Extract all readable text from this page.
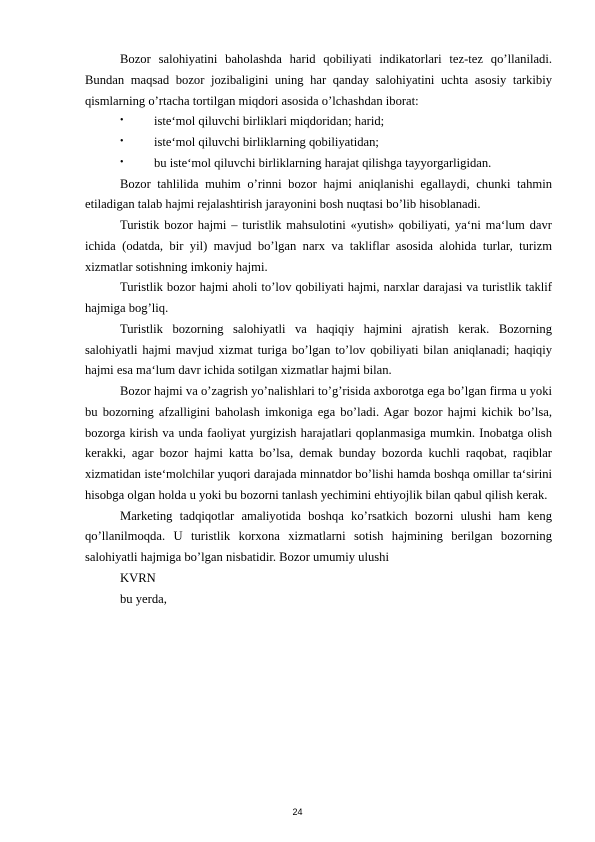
Bozor salohiyatini baholashda harid qobiliyati indikatorlari tez-tez qo’llaniladi. Bundan maqsad bozor jozibaligini uning har qanday salohiyatini uchta asosiy tarkibiy qismlarning o’rtacha tortilgan miqdori asosida o’lchashdan iborat:

• iste‘mol qiluvchi birliklari miqdoridan; harid;

• iste‘mol qiluvchi birliklarning qobiliyatidan;

• bu iste‘mol qiluvchi birliklarning harajat qilishga tayyorgarligidan.

Bozor tahlilida muhim o’rinni bozor hajmi aniqlanishi egallaydi, chunki tahmin etiladigan talab hajmi rejalashtirish jarayonini bosh nuqtasi bo’lib hisoblanadi.

Turistik bozor hajmi – turistlik mahsulotini «yutish» qobiliyati, ya‘ni ma‘lum davr ichida (odatda, bir yil) mavjud bo’lgan narx va takliflar asosida alohida turlar, turizm xizmatlar sotishning imkoniy hajmi.

Turistlik bozor hajmi aholi to’lov qobiliyati hajmi, narxlar darajasi va turistlik taklif hajmiga bog’liq.

Turistlik bozorning salohiyatli va haqiqiy hajmini ajratish kerak. Bozorning salohiyatli hajmi mavjud xizmat turiga bo’lgan to’lov qobiliyati bilan aniqlanadi; haqiqiy hajmi esa ma‘lum davr ichida sotilgan xizmatlar hajmi bilan.

Bozor hajmi va o’zagrish yo’nalishlari to’g’risida axborotga ega bo’lgan firma u yoki bu bozorning afzalligini baholash imkoniga ega bo’ladi. Agar bozor hajmi kichik bo’lsa, bozorga kirish va unda faoliyat yurgizish harajatlari qoplanmasiga mumkin. Inobatga olish kerakki, agar bozor hajmi katta bo’lsa, demak bunday bozorda kuchli raqobat, raqiblar xizmatidan iste‘molchilar yuqori darajada minnatdor bo’lishi hamda boshqa omillar ta‘sirini hisobga olgan holda u yoki bu bozorni tanlash yechimini ehtiyojlik bilan qabul qilish kerak.

Marketing tadqiqotlar amaliyotida boshqa ko’rsatkich bozorni ulushi ham keng qo’llanilmoqda. U turistlik korxona xizmatlarni sotish hajmining berilgan bozorning salohiyatli hajmiga bo’lgan nisbatidir. Bozor umumiy ulushi

KVRN

bu yerda,

24
